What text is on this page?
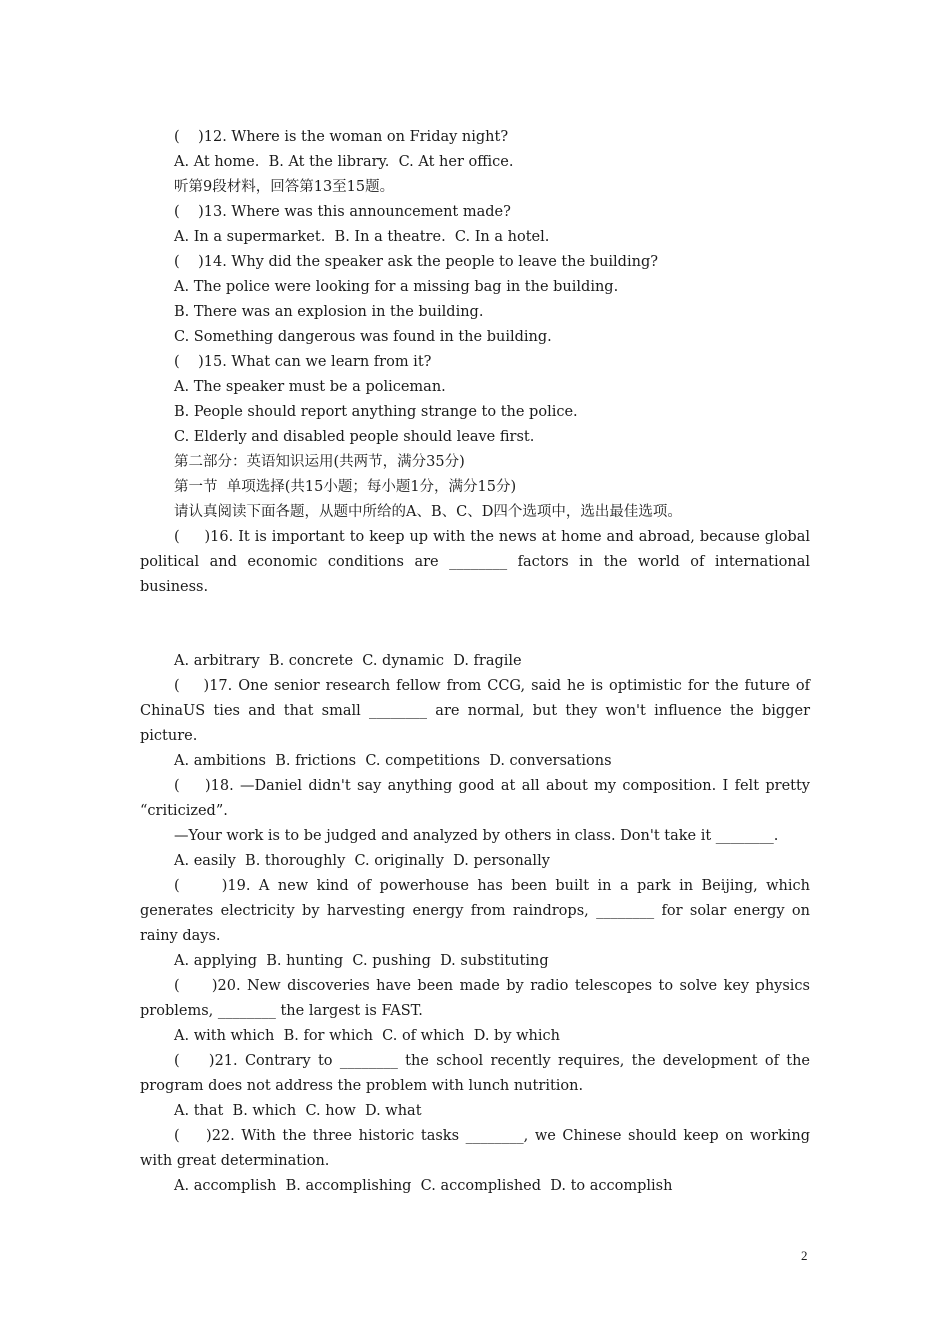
(    )12. Where is the woman on Friday night?
A. At home.  B. At the library.  C. At her office.
听第9段材料，回答第13至15题。
(    )13. Where was this announcement made?
A. In a supermarket.  B. In a theatre.  C. In a hotel.
(    )14. Why did the speaker ask the people to leave the building?
A. The police were looking for a missing bag in the building.
B. There was an explosion in the building.
C. Something dangerous was found in the building.
(    )15. What can we learn from it?
A. The speaker must be a policeman.
B. People should report anything strange to the police.
C. Elderly and disabled people should leave first.
第二部分：英语知识运用(共两节，满分35分)
第一节  单项选择(共15小题；每小题1分，满分15分)
请认真阅读下面各题，从题中所给的A、B、C、D四个选项中，选出最佳选项。

(     )16. It is important to keep up with the news at home and abroad, because global political and economic conditions are ________ factors in the world of international business.

A. arbitrary  B. concrete  C. dynamic  D. fragile

(    )17. One senior research fellow from CCG, said he is optimistic for the future of ChinaUS ties and that small ________ are normal, but they won't influence the bigger picture.

A. ambitions  B. frictions  C. competitions  D. conversations

(    )18. —Daniel didn't say anything good at all about my composition. I felt pretty “criticized”.

—Your work is to be judged and analyzed by others in class. Don't take it ________.

A. easily  B. thoroughly  C. originally  D. personally

(     )19. A new kind of powerhouse has been built in a park in Beijing, which generates electricity by harvesting energy from raindrops, ________ for solar energy on rainy days.

A. applying  B. hunting  C. pushing  D. substituting

(     )20. New discoveries have been made by radio telescopes to solve key physics problems, ________ the largest is FAST.

A. with which  B. for which  C. of which  D. by which

(    )21. Contrary to ________ the school recently requires, the development of the program does not address the problem with lunch nutrition.

A. that  B. which  C. how  D. what

(    )22. With the three historic tasks ________, we Chinese should keep on working with great determination.

A. accomplish  B. accomplishing  C. accomplished  D. to accomplish
2
